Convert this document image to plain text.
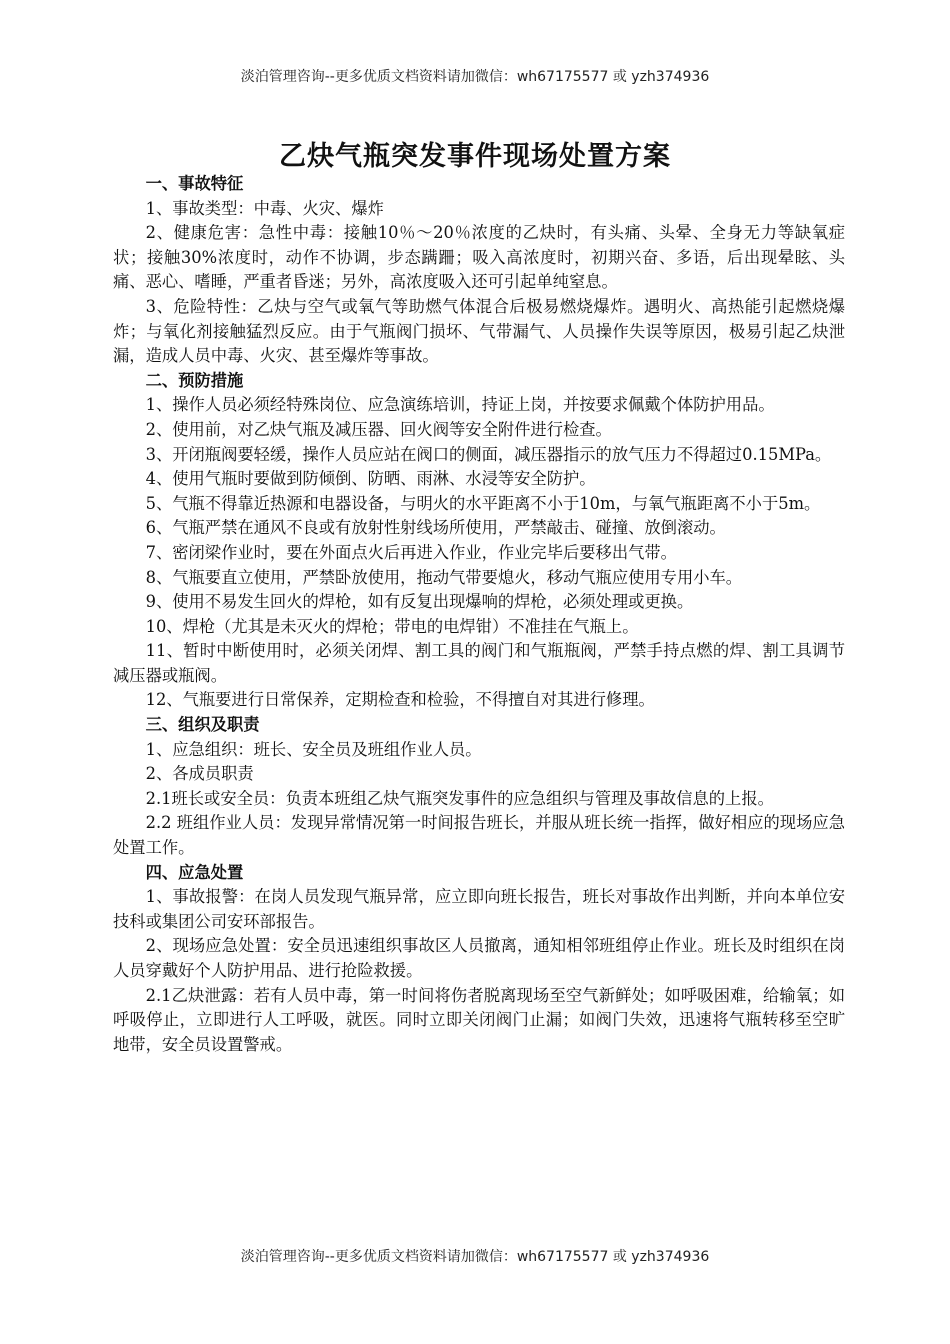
淡泊管理咨询--更多优质文档资料请加微信：wh67175577 或 yzh374936
乙炔气瓶突发事件现场处置方案

一、事故特征

1、事故类型：中毒、火灾、爆炸

2、健康危害：急性中毒：接触10％～20％浓度的乙炔时，有头痛、头晕、全身无力等缺氧症状；接触30%浓度时，动作不协调，步态蹒跚；吸入高浓度时，初期兴奋、多语，后出现晕眩、头痛、恶心、嗜睡，严重者昏迷；另外，高浓度吸入还可引起单纯窒息。

3、危险特性：乙炔与空气或氧气等助燃气体混合后极易燃烧爆炸。遇明火、高热能引起燃烧爆炸；与氧化剂接触猛烈反应。由于气瓶阀门损坏、气带漏气、人员操作失误等原因，极易引起乙炔泄漏，造成人员中毒、火灾、甚至爆炸等事故。

二、预防措施

1、操作人员必须经特殊岗位、应急演练培训，持证上岗，并按要求佩戴个体防护用品。

2、使用前，对乙炔气瓶及减压器、回火阀等安全附件进行检查。

3、开闭瓶阀要轻缓，操作人员应站在阀口的侧面，减压器指示的放气压力不得超过0.15MPa。

4、使用气瓶时要做到防倾倒、防晒、雨淋、水浸等安全防护。

5、气瓶不得靠近热源和电器设备，与明火的水平距离不小于10m，与氧气瓶距离不小于5m。

6、气瓶严禁在通风不良或有放射性射线场所使用，严禁敲击、碰撞、放倒滚动。

7、密闭梁作业时，要在外面点火后再进入作业，作业完毕后要移出气带。

8、气瓶要直立使用，严禁卧放使用，拖动气带要熄火，移动气瓶应使用专用小车。

9、使用不易发生回火的焊枪，如有反复出现爆响的焊枪，必须处理或更换。

10、焊枪（尤其是未灭火的焊枪；带电的电焊钳）不准挂在气瓶上。

11、暂时中断使用时，必须关闭焊、割工具的阀门和气瓶瓶阀，严禁手持点燃的焊、割工具调节减压器或瓶阀。

12、气瓶要进行日常保养，定期检查和检验，不得擅自对其进行修理。

三、组织及职责

1、应急组织：班长、安全员及班组作业人员。

2、各成员职责

2.1班长或安全员：负责本班组乙炔气瓶突发事件的应急组织与管理及事故信息的上报。

2.2 班组作业人员：发现异常情况第一时间报告班长，并服从班长统一指挥，做好相应的现场应急处置工作。

四、应急处置

1、事故报警：在岗人员发现气瓶异常，应立即向班长报告，班长对事故作出判断，并向本单位安技科或集团公司安环部报告。

2、现场应急处置：安全员迅速组织事故区人员撤离，通知相邻班组停止作业。班长及时组织在岗人员穿戴好个人防护用品、进行抢险救援。

2.1乙炔泄露：若有人员中毒，第一时间将伤者脱离现场至空气新鲜处；如呼吸困难，给输氧；如呼吸停止，立即进行人工呼吸，就医。同时立即关闭阀门止漏；如阀门失效，迅速将气瓶转移至空旷地带，安全员设置警戒。

淡泊管理咨询--更多优质文档资料请加微信：wh67175577 或 yzh374936
